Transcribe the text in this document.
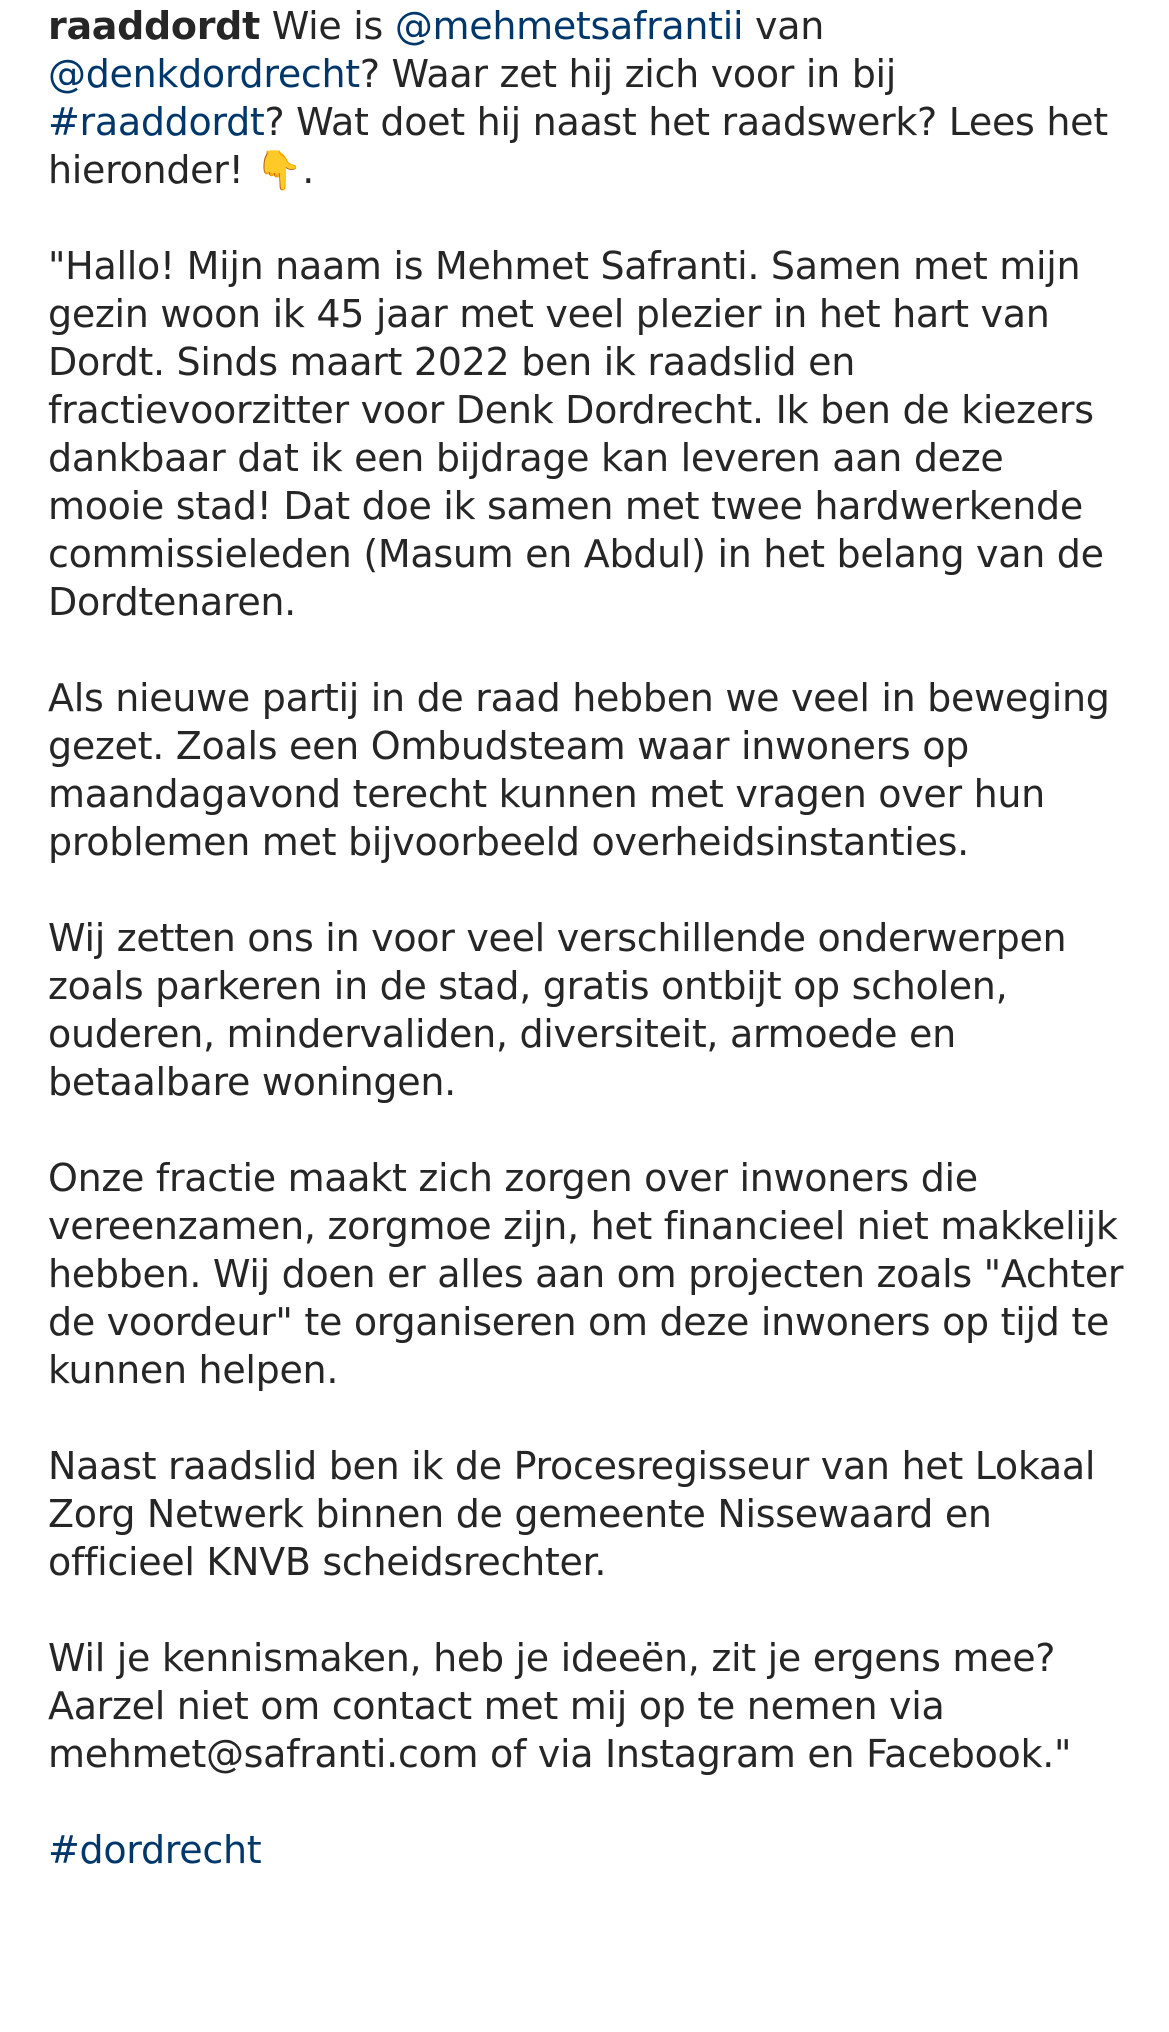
raaddordt Wie is @mehmetsafrantii van @denkdordrecht? Waar zet hij zich voor in bij #raaddordt? Wat doet hij naast het raadswerk? Lees het hieronder! 👇.

"Hallo! Mijn naam is Mehmet Safranti. Samen met mijn gezin woon ik 45 jaar met veel plezier in het hart van Dordt. Sinds maart 2022 ben ik raadslid en fractievoorzitter voor Denk Dordrecht. Ik ben de kiezers dankbaar dat ik een bijdrage kan leveren aan deze mooie stad! Dat doe ik samen met twee hardwerkende commissieleden (Masum en Abdul) in het belang van de Dordtenaren.

Als nieuwe partij in de raad hebben we veel in beweging gezet. Zoals een Ombudsteam waar inwoners op maandagavond terecht kunnen met vragen over hun problemen met bijvoorbeeld overheidsinstanties.

Wij zetten ons in voor veel verschillende onderwerpen zoals parkeren in de stad, gratis ontbijt op scholen, ouderen, mindervaliden, diversiteit, armoede en betaalbare woningen.

Onze fractie maakt zich zorgen over inwoners die vereenzamen, zorgmoe zijn, het financieel niet makkelijk hebben. Wij doen er alles aan om projecten zoals "Achter de voordeur" te organiseren om deze inwoners op tijd te kunnen helpen.

Naast raadslid ben ik de Procesregisseur van het Lokaal Zorg Netwerk binnen de gemeente Nissewaard en officieel KNVB scheidsrechter.

Wil je kennismaken, heb je ideeën, zit je ergens mee? Aarzel niet om contact met mij op te nemen via mehmet@safranti.com of via Instagram en Facebook."

#dordrecht
